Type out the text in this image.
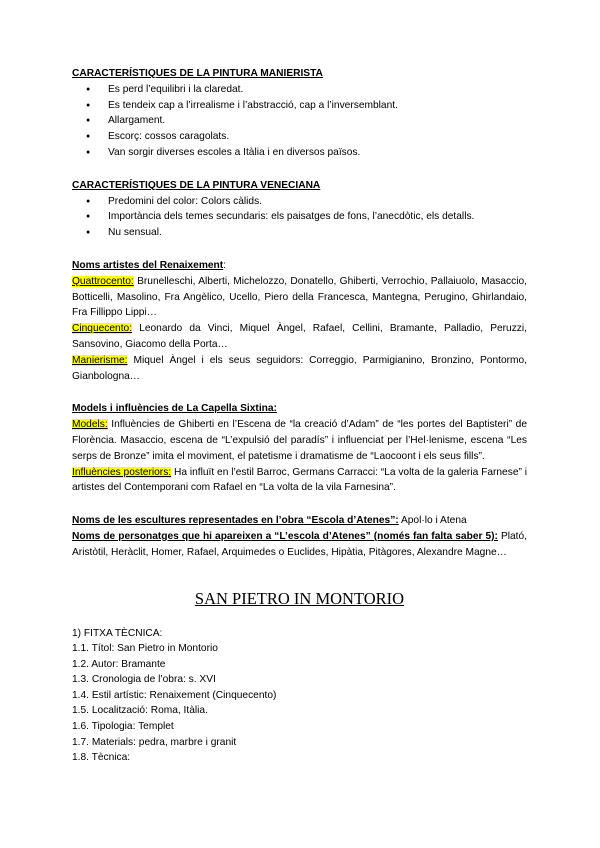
CARACTERÍSTIQUES DE LA PINTURA MANIERISTA
● Es perd l’equilibri i la claredat.
● Es tendeix cap a l’irrealisme i l’abstracció, cap a l’inversemblant.
● Allargament.
● Escorç: cossos caragolats.
● Van sorgir diverses escoles a Itàlia i en diversos països.
CARACTERÍSTIQUES DE LA PINTURA VENECIANA
● Predomini del color: Colors càlids.
● Importància dels temes secundaris: els paisatges de fons, l’anecdòtic, els detalls.
● Nu sensual.

Noms artistes del Renaixement:

Quattrocento: Brunelleschi, Alberti, Michelozzo, Donatello, Ghiberti, Verrochio, Pallaiuolo, Masaccio, Botticelli, Masolino, Fra Angèlico, Ucello, Piero della Francesca, Mantegna, Perugino, Ghirlandaio, Fra Fillippo Lippi…

Cinquecento: Leonardo da Vinci, Miquel Àngel, Rafael, Cellini, Bramante, Palladio, Peruzzi, Sansovino, Giacomo della Porta…

Manierisme: Miquel Àngel i els seus seguidors: Correggio, Parmigianino, Bronzino, Pontormo, Gianbologna…

Models i influències de La Capella Sixtina:

Models: Influències de Ghiberti en l’Escena de “la creació d’Adam” de “les portes del Baptisteri” de Florència. Masaccio, escena de “L’expulsió del paradís” i influenciat per l’Hel·lenisme, escena “Les serps de Bronze” imita el moviment, el patetisme i dramatisme de “Laocoont i els seus fills”.

Influències posteriors: Ha influït en l’estil Barroc, Germans Carracci: “La volta de la galeria Farnese” i artistes del Contemporani com Rafael en “La volta de la vila Farnesina”.

Noms de les escultures representades en l’obra “Escola d’Atenes”: Apol·lo i Atena

Noms de personatges que hi apareixen a “L’escola d’Atenes” (només fan falta saber 5): Plató, Aristòtil, Heràclit, Homer, Rafael, Arquimedes o Euclides, Hipàtia, Pitàgores, Alexandre Magne…

SAN PIETRO IN MONTORIO
1) FITXA TÈCNICA:
1.1. Títol: San Pietro in Montorio
1.2. Autor: Bramante
1.3. Cronologia de l’obra: s. XVI
1.4. Estil artístic: Renaixement (Cinquecento)
1.5. Localització: Roma, Itàlia.
1.6. Tipologia: Templet
1.7. Materials: pedra, marbre i granit
1.8. Tècnica:
